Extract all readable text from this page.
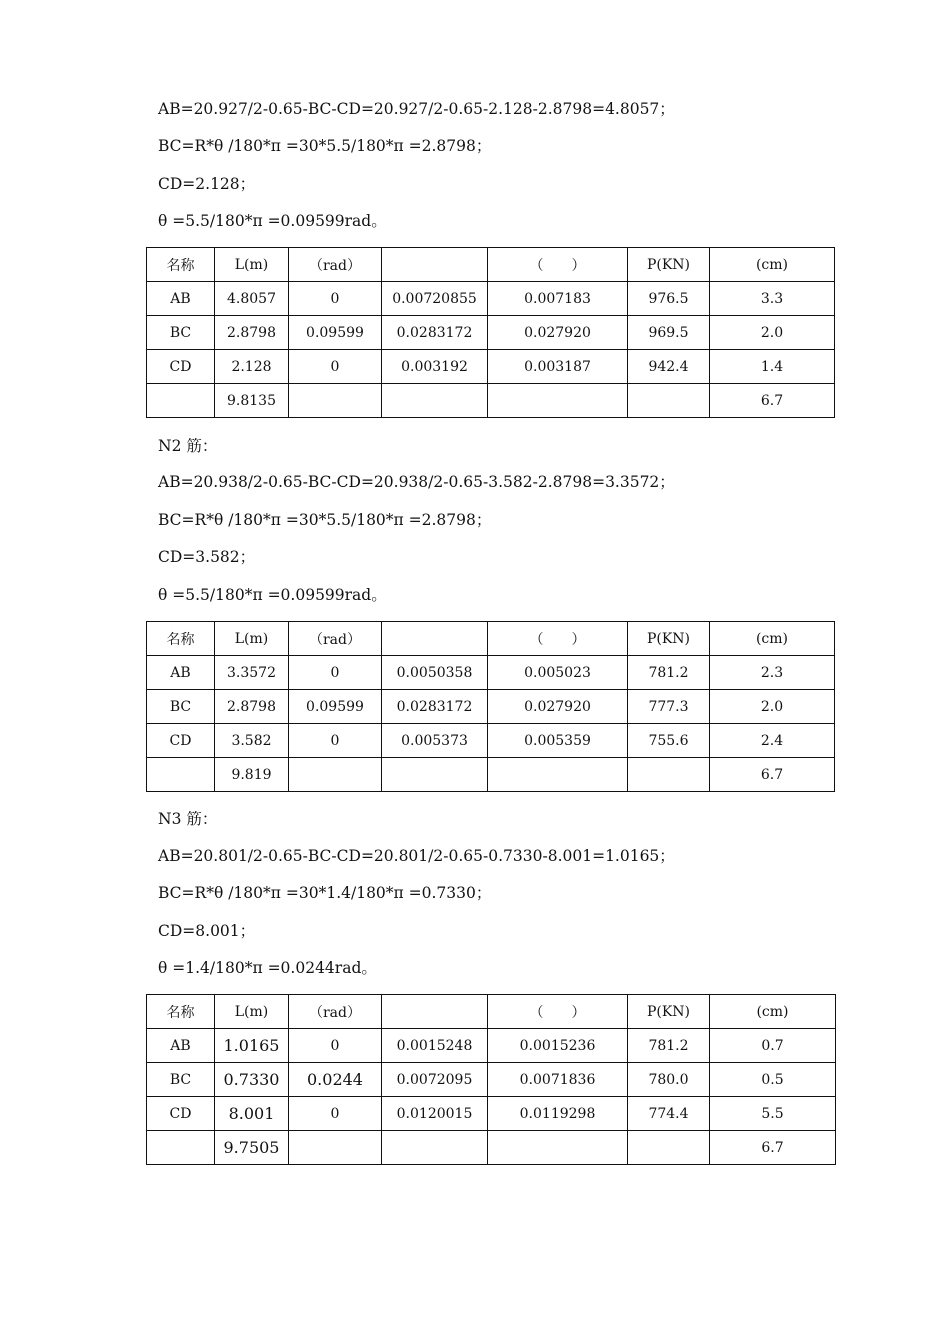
AB=20.927/2-0.65-BC-CD=20.927/2-0.65-2.128-2.8798=4.8057；
BC=R*θ /180*π =30*5.5/180*π =2.8798；
CD=2.128；
θ =5.5/180*π =0.09599rad。
名称	L(m)	（rad）		（　　）	P(KN)	(cm)
AB	4.8057	0	0.00720855	0.007183	976.5	3.3
BC	2.8798	0.09599	0.0283172	0.027920	969.5	2.0
CD	2.128	0	0.003192	0.003187	942.4	1.4
	9.8135					6.7
N2 筋：
AB=20.938/2-0.65-BC-CD=20.938/2-0.65-3.582-2.8798=3.3572；
BC=R*θ /180*π =30*5.5/180*π =2.8798；
CD=3.582；
θ =5.5/180*π =0.09599rad。
名称	L(m)	（rad）		（　　）	P(KN)	(cm)
AB	3.3572	0	0.0050358	0.005023	781.2	2.3
BC	2.8798	0.09599	0.0283172	0.027920	777.3	2.0
CD	3.582	0	0.005373	0.005359	755.6	2.4
	9.819					6.7
N3 筋：
AB=20.801/2-0.65-BC-CD=20.801/2-0.65-0.7330-8.001=1.0165；
BC=R*θ /180*π =30*1.4/180*π =0.7330；
CD=8.001；
θ =1.4/180*π =0.0244rad。
名称	L(m)	（rad）		（　　）	P(KN)	(cm)
AB	1.0165	0	0.0015248	0.0015236	781.2	0.7
BC	0.7330	0.0244	0.0072095	0.0071836	780.0	0.5
CD	8.001	0	0.0120015	0.0119298	774.4	5.5
	9.7505					6.7
